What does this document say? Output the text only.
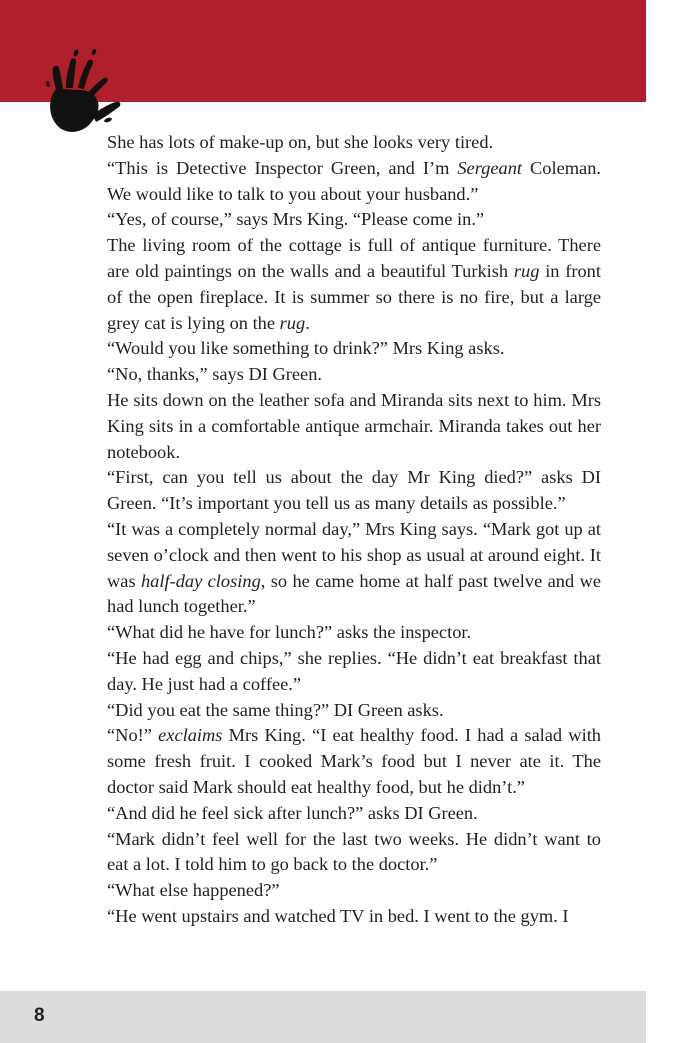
She has lots of make-up on, but she looks very tired.

“This is Detective Inspector Green, and I’m Sergeant Coleman. We would like to talk to you about your husband.”

“Yes, of course,” says Mrs King. “Please come in.”

The living room of the cottage is full of antique furniture. There are old paintings on the walls and a beautiful Turkish rug in front of the open fireplace. It is summer so there is no fire, but a large grey cat is lying on the rug.

“Would you like something to drink?” Mrs King asks.

“No, thanks,” says DI Green.

He sits down on the leather sofa and Miranda sits next to him. Mrs King sits in a comfortable antique armchair. Miranda takes out her notebook.

“First, can you tell us about the day Mr King died?” asks DI Green. “It’s important you tell us as many details as possible.”

“It was a completely normal day,” Mrs King says. “Mark got up at seven o’clock and then went to his shop as usual at around eight. It was half-day closing, so he came home at half past twelve and we had lunch together.”

“What did he have for lunch?” asks the inspector.

“He had egg and chips,” she replies. “He didn’t eat breakfast that day. He just had a coffee.”

“Did you eat the same thing?” DI Green asks.

“No!” exclaims Mrs King. “I eat healthy food. I had a salad with some fresh fruit. I cooked Mark’s food but I never ate it. The doctor said Mark should eat healthy food, but he didn’t.”

“And did he feel sick after lunch?” asks DI Green.

“Mark didn’t feel well for the last two weeks. He didn’t want to eat a lot. I told him to go back to the doctor.”

“What else happened?”

“He went upstairs and watched TV in bed. I went to the gym. I

8
